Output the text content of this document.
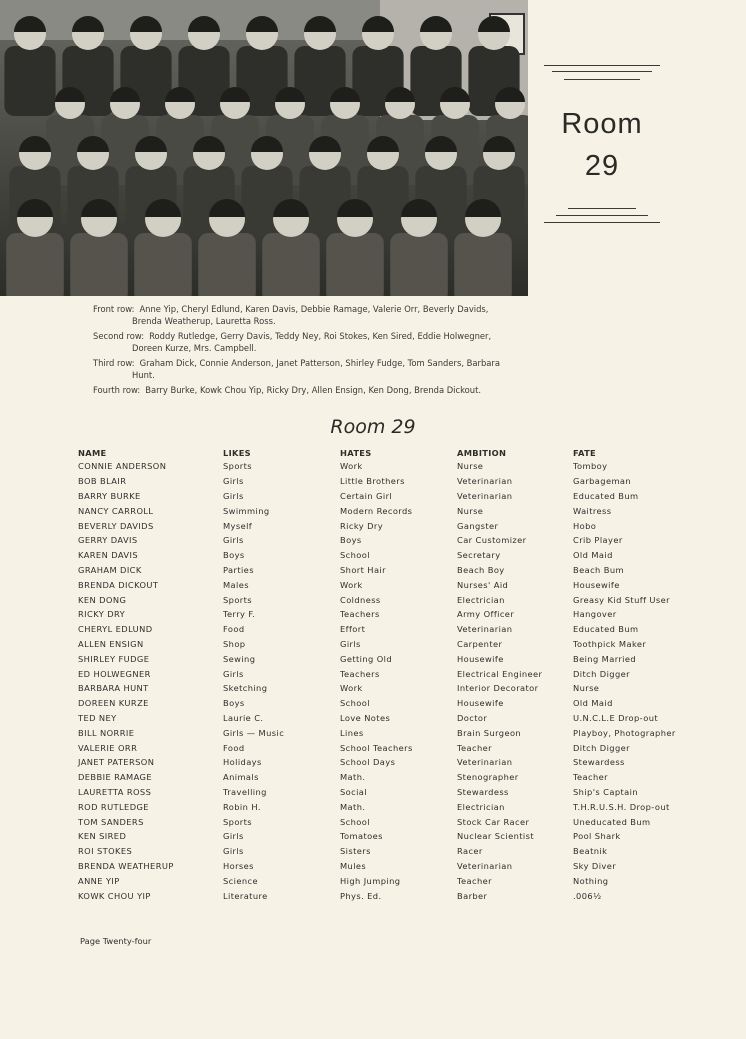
Room
29
Front row: Anne Yip, Cheryl Edlund, Karen Davis, Debbie Ramage, Valerie Orr, Beverly Davids,
Brenda Weatherup, Lauretta Ross.
Second row: Roddy Rutledge, Gerry Davis, Teddy Ney, Roi Stokes, Ken Sired, Eddie Holwegner,
Doreen Kurze, Mrs. Campbell.
Third row: Graham Dick, Connie Anderson, Janet Patterson, Shirley Fudge, Tom Sanders, Barbara
Hunt.
Fourth row: Barry Burke, Kowk Chou Yip, Ricky Dry, Allen Ensign, Ken Dong, Brenda Dickout.
Room 29
NAME	LIKES	HATES	AMBITION	FATE
CONNIE ANDERSON	Sports	Work	Nurse	Tomboy
BOB BLAIR	Girls	Little Brothers	Veterinarian	Garbageman
BARRY BURKE	Girls	Certain Girl	Veterinarian	Educated Bum
NANCY CARROLL	Swimming	Modern Records	Nurse	Waitress
BEVERLY DAVIDS	Myself	Ricky Dry	Gangster	Hobo
GERRY DAVIS	Girls	Boys	Car Customizer	Crib Player
KAREN DAVIS	Boys	School	Secretary	Old Maid
GRAHAM DICK	Parties	Short Hair	Beach Boy	Beach Bum
BRENDA DICKOUT	Males	Work	Nurses' Aid	Housewife
KEN DONG	Sports	Coldness	Electrician	Greasy Kid Stuff User
RICKY DRY	Terry F.	Teachers	Army Officer	Hangover
CHERYL EDLUND	Food	Effort	Veterinarian	Educated Bum
ALLEN ENSIGN	Shop	Girls	Carpenter	Toothpick Maker
SHIRLEY FUDGE	Sewing	Getting Old	Housewife	Being Married
ED HOLWEGNER	Girls	Teachers	Electrical Engineer	Ditch Digger
BARBARA HUNT	Sketching	Work	Interior Decorator	Nurse
DOREEN KURZE	Boys	School	Housewife	Old Maid
TED NEY	Laurie C.	Love Notes	Doctor	U.N.C.L.E Drop-out
BILL NORRIE	Girls — Music	Lines	Brain Surgeon	Playboy, Photographer
VALERIE ORR	Food	School Teachers	Teacher	Ditch Digger
JANET PATERSON	Holidays	School Days	Veterinarian	Stewardess
DEBBIE RAMAGE	Animals	Math.	Stenographer	Teacher
LAURETTA ROSS	Travelling	Social	Stewardess	Ship's Captain
ROD RUTLEDGE	Robin H.	Math.	Electrician	T.H.R.U.S.H. Drop-out
TOM SANDERS	Sports	School	Stock Car Racer	Uneducated Bum
KEN SIRED	Girls	Tomatoes	Nuclear Scientist	Pool Shark
ROI STOKES	Girls	Sisters	Racer	Beatnik
BRENDA WEATHERUP	Horses	Mules	Veterinarian	Sky Diver
ANNE YIP	Science	High Jumping	Teacher	Nothing
KOWK CHOU YIP	Literature	Phys. Ed.	Barber	.006½
Page Twenty-four
